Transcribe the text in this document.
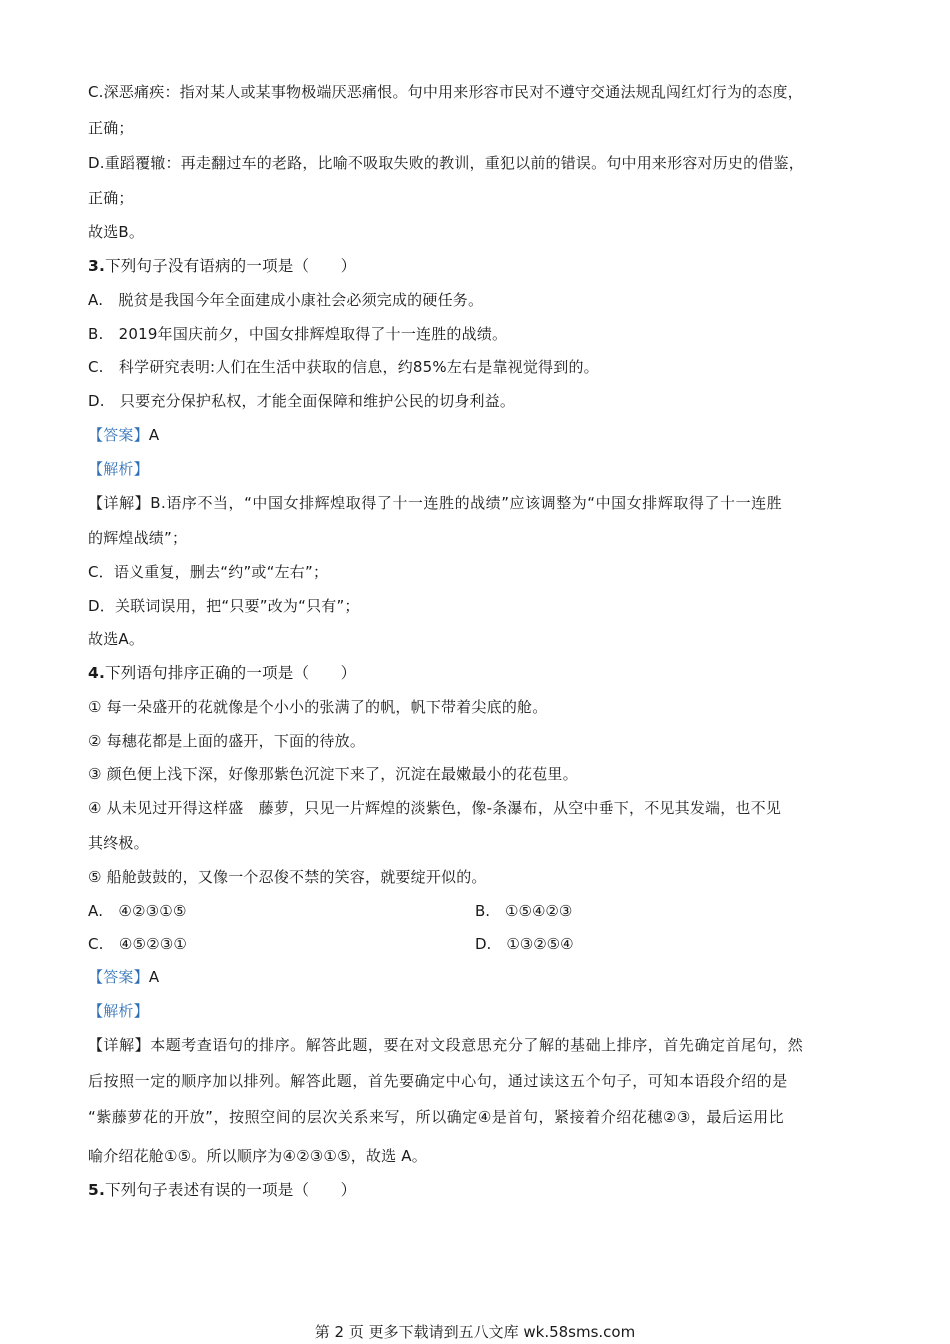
C.深恶痛疾：指对某人或某事物极端厌恶痛恨。句中用来形容市民对不遵守交通法规乱闯红灯行为的态度，
正确；
D.重蹈覆辙：再走翻过车的老路，比喻不吸取失败的教训，重犯以前的错误。句中用来形容对历史的借鉴，
正确；
故选B。
3.下列句子没有语病的一项是（　　）
A.　脱贫是我国今年全面建成小康社会必须完成的硬任务。
B.　2019年国庆前夕，中国女排辉煌取得了十一连胜的战绩。
C.　科学研究表明:人们在生活中获取的信息，约85%左右是靠视觉得到的。
D.　只要充分保护私权，才能全面保障和维护公民的切身利益。
【答案】A
【解析】
【详解】B.语序不当，“中国女排辉煌取得了十一连胜的战绩”应该调整为“中国女排辉取得了十一连胜
的辉煌战绩”；
C．语义重复，删去“约”或“左右”；
D．关联词误用，把“只要”改为“只有”；
故选A。
4.下列语句排序正确的一项是（　　）
① 每一朵盛开的花就像是个小小的张满了的帆，帆下带着尖底的舱。
② 每穗花都是上面的盛开，下面的待放。
③ 颜色便上浅下深，好像那紫色沉淀下来了，沉淀在最嫩最小的花苞里。
④ 从未见过开得这样盛　藤萝，只见一片辉煌的淡紫色，像-条瀑布，从空中垂下，不见其发端，也不见
其终极。
⑤ 船舱鼓鼓的，又像一个忍俊不禁的笑容，就要绽开似的。
A.　④②③①⑤	B.　①⑤④②③
C.　④⑤②③①	D.　①③②⑤④
【答案】A
【解析】
【详解】本题考查语句的排序。解答此题，要在对文段意思充分了解的基础上排序，首先确定首尾句，然
后按照一定的顺序加以排列。解答此题，首先要确定中心句，通过读这五个句子，可知本语段介绍的是
“紫藤萝花的开放”，按照空间的层次关系来写，所以确定④是首句，紧接着介绍花穗②③，最后运用比
喻介绍花舱①⑤。所以顺序为④②③①⑤，故选 A。
5.下列句子表述有误的一项是（　　）
第 2 页 更多下载请到五八文库 wk.58sms.com
